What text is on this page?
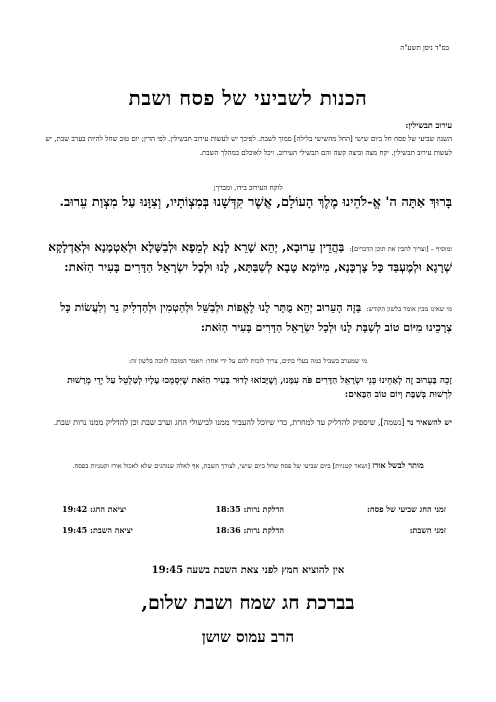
בס"ד ניסן תשע"ה
הכנות לשביעי של פסח ושבת
עירוב תבשילין:
השנה שביעי של פסח חל ביום שישי [החל מהשישי בלילה] סמוך לשבת. לפיכך יש לעשות עירוב תבשילין. לפי הדין; יום טוב שחל להיות בערב שבת, יש לעשות עירוב תבשילין. יקח מצה וביצה קשה והם תבשילי העירוב. ויכל לאוכלם במהלך השבת.
לוקח העירוב בידו, ומברך;
בָּרוּךְ אַתָּה ה' אֱ-לֹהֵינוּ מֶלֶךְ הָעוֹלָם, אֲשֶׁר קִדְּשָׁנוּ בְּמִצְוֹתָיו, וְצִוָּנוּ עַל מִצְוַת עֵרוּב.
ומוסיף – [וצריך להבין את תוכן הדברים]: בַּהֲדֵין עֵרוּבָא, יְהֵא שָׁרֵא לָנָא לְמֵפָא וּלְבַשָּׁלָא וּלְאַטְמָנָא וּלְאַדְלָקָא שְׁרָגָא וּלְמֶעְבַּד כָּל צָרְכָּנָא, מִיּוֹמָא טָבָא לְשַׁבַּתָּא, לָנוּ וּלְכָל יִשְׂרָאֵל הַדָּרִים בָּעִיר הַזֹּאת:
מי שאינו מבין אומר בלשון הקודש: בָּזֶה הָעֵרוּב יְהֵא מֻתָּר לָנוּ לֶאֱפוֹת וּלְבַשֵּׁל וּלְהַטְמִין וּלְהַדְלִיק נֵר וְלַעֲשׂוֹת כָּל צְרָכֵינוּ מִיּוֹם טוֹב לְשַׁבָּת לָנוּ וּלְכָל יִשְׂרָאֵל הַדָּרִים בָּעִיר הַזֹּאת:
מי שמערב בשביל כמה בעלי בתים, צריך לזכות להם על ידי אחר: ויאמר המזכה לזוכה בלשון זה:
זָכֵה בָּעֵרוּב זֶה לְאַחֵינוּ בְּנֵי יִשְׂרָאֵל הַדָּרִים פֹּה עִמָּנוּ, וְשֶׁיָּבוֹאוּ לָדוּר בָּעִיר הַזֹּאת שֶׁיִּסְמְכוּ עָלָיו לְטַלְטֵל עַל יְדֵי מְרַשׁוּת לִרְשׁוּת בְּשַׁבָּת וְיוֹם טוֹב הַבָּאִים:
יש להשאיר נר [נשמה], שיספיק להדליק עד למחרת, כדי שיוכל להעביר ממנו לבישולי החג וערב שבת וכן להדליק ממנו נרות שבת.
מותר לבשל אורז [ושאר קטניות] ביום שביעי של פסח שחל ביום שישי, לצורך השבת, אף לאלה שנוהגים שלא לאכול אורז וקטניות בפסח.
זמני החג שביעי של פסח:
הדלקת נרות: 18:35
יציאת החג: 19:42
זמני השבת:
הדלקת נרות: 18:36
יציאה השבת: 19:45
אין להוציא חמץ לפני צאת השבת בשעה 19:45
בברכת חג שמח ושבת שלום,
הרב עמוס שושן
